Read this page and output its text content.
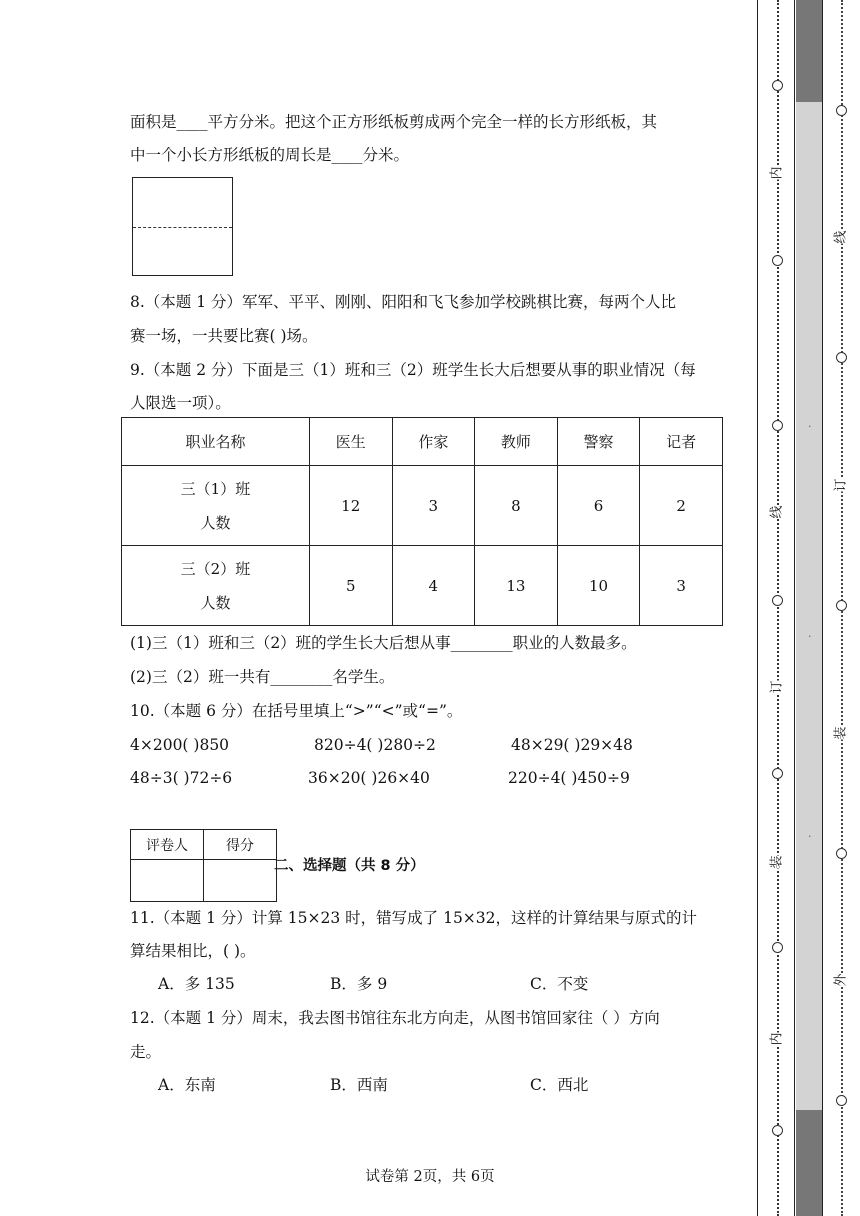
面积是____平方分米。把这个正方形纸板剪成两个完全一样的长方形纸板，其
中一个小长方形纸板的周长是____分米。
8.（本题 1 分）军军、平平、刚刚、阳阳和飞飞参加学校跳棋比赛，每两个人比
赛一场，一共要比赛( )场。
9.（本题 2 分）下面是三（1）班和三（2）班学生长大后想要从事的职业情况（每
人限选一项）。
职业名称	医生	作家	教师	警察	记者

三（1）班
人数	12	3	8	6	2

三（2）班
人数	5	4	13	10	3
(1)三（1）班和三（2）班的学生长大后想从事________职业的人数最多。
(2)三（2）班一共有________名学生。
10.（本题 6 分）在括号里填上“>”“<”或“=”。
4×200( )850	820÷4( )280÷2	48×29( )29×48
48÷3( )72÷6	36×20( )26×40	220÷4( )450÷9
评卷人	得分

二、选择题（共 8 分）
11.（本题 1 分）计算 15×23 时，错写成了 15×32，这样的计算结果与原式的计
算结果相比，( )。
A．多 135	B．多 9	C．不变
12.（本题 1 分）周末，我去图书馆往东北方向走，从图书馆回家往（ ）方向
走。
A．东南	B．西南	C．西北
试卷第 2页，共 6页
内
线
订
装
内
·
·
·
线
订
装
外
